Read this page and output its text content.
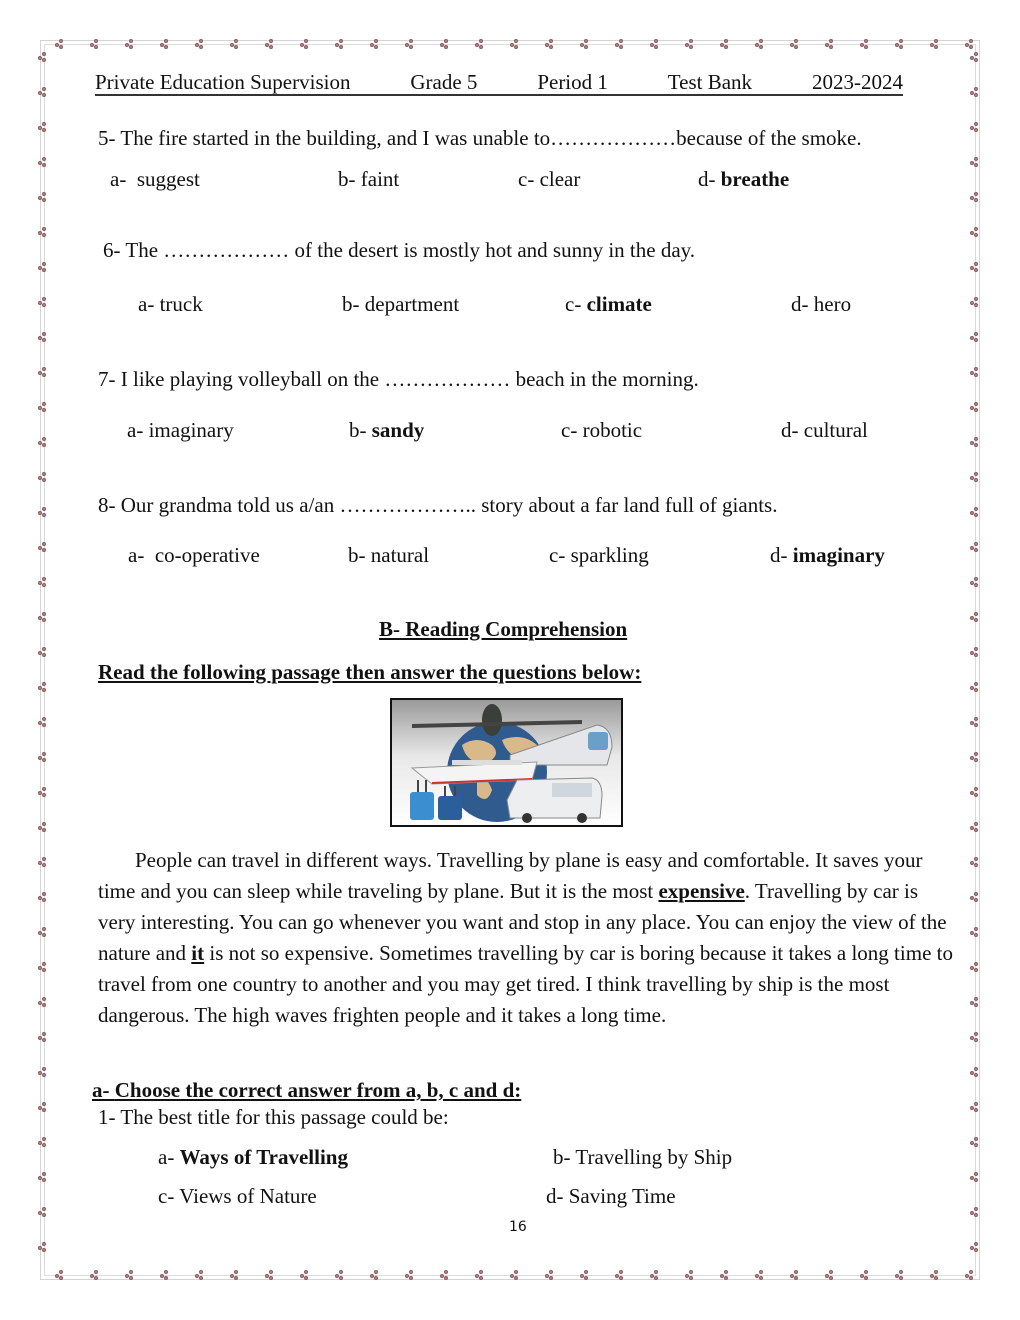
Private Education Supervision	Grade 5	Period 1	Test Bank	2023-2024
5- The fire started in the building, and I was unable to………………because of the smoke.
a- suggest	b- faint	c- clear	d- breathe
6- The ……………… of the desert is mostly hot and sunny in the day.
a- truck	b- department	c- climate	d- hero
7- I like playing volleyball on the ……………… beach in the morning.
a- imaginary	b- sandy	c- robotic	d- cultural
8- Our grandma told us a/an ……………….. story about a far land full of giants.
a- co-operative	b- natural	c- sparkling	d- imaginary
B- Reading Comprehension
Read the following passage then answer the questions below:
People can travel in different ways. Travelling by plane is easy and comfortable. It saves your time and you can sleep while traveling by plane. But it is the most expensive. Travelling by car is very interesting. You can go whenever you want and stop in any place. You can enjoy the view of the nature and it is not so expensive. Sometimes travelling by car is boring because it takes a long time to travel from one country to another and you may get tired. I think travelling by ship is the most dangerous. The high waves frighten people and it takes a long time.
a- Choose the correct answer from a, b, c and d:
1- The best title for this passage could be:
a- Ways of Travelling	b- Travelling by Ship
c- Views of Nature	d- Saving Time
16
